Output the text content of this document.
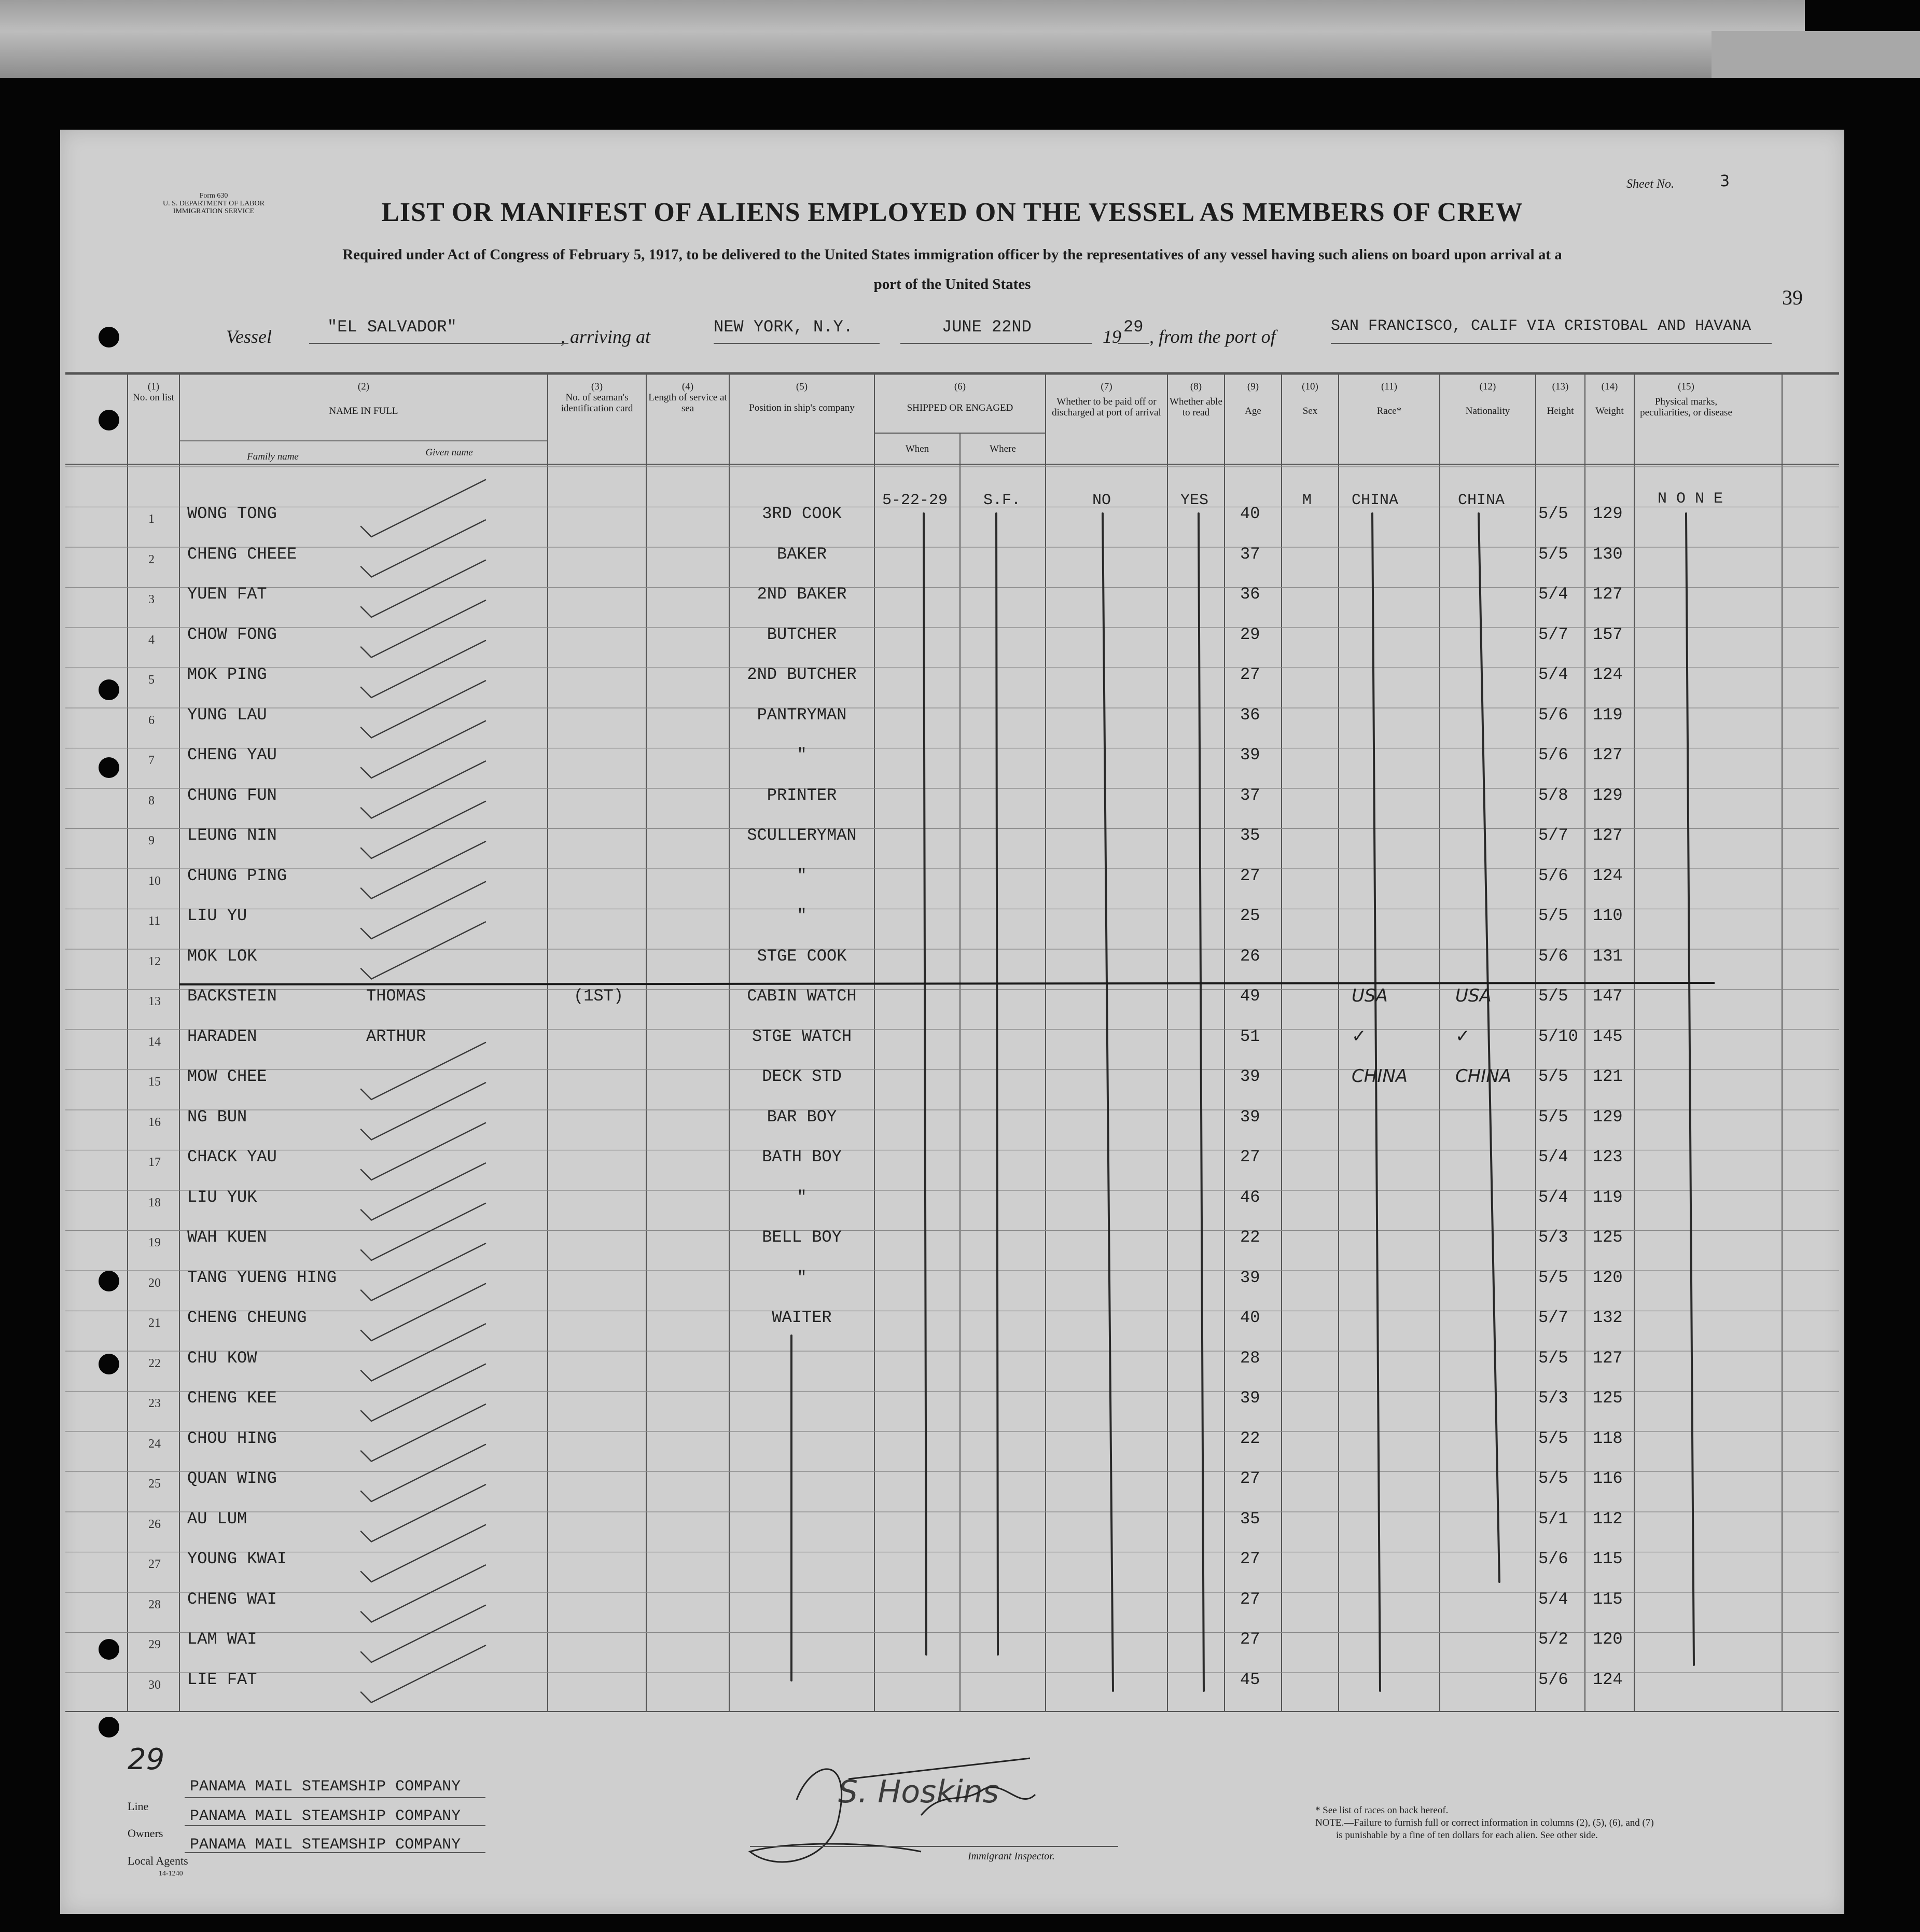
Form 630
U. S. DEPARTMENT OF LABOR
IMMIGRATION SERVICE
Sheet No.	3
39
LIST OR MANIFEST OF ALIENS EMPLOYED ON THE VESSEL AS MEMBERS OF CREW
Required under Act of Congress of February 5, 1917, to be delivered to the United States immigration officer by the representatives of any vessel having such aliens on board upon arrival at a
port of the United States
Vessel	"EL SALVADOR"	, arriving at	NEW YORK, N.Y.	JUNE 22ND	19 29 , from the port of	SAN FRANCISCO, CALIF VIA CRISTOBAL AND HAVANA
(1)
No. on list
(2)
NAME IN FULL
Family name	Given name
(3)
No. of seaman's identification card
(4)
Length of service at sea
(5)
Position in ship's company
(6)
SHIPPED OR ENGAGED
When	Where
(7)
Whether to be paid off or discharged at port of arrival
(8)
Whether able to read
(9)
Age
(10)
Sex
(11)
Race*
(12)
Nationality
(13)
Height
(14)
Weight
(15)
Physical marks, peculiarities, or disease
5-22-29 S.F.	NO	YES	M	CHINA	CHINA	N O N E
1 WONG TONG	3RD COOK	40	5/5 129
2 CHENG CHEEE	BAKER	37	5/5 130
3 YUEN FAT	2ND BAKER	36	5/4 127
4 CHOW FONG	BUTCHER	29	5/7 157
5 MOK PING	2ND BUTCHER	27	5/4 124
6 YUNG LAU	PANTRYMAN	36	5/6 119
7 CHENG YAU	"	39	5/6 127
8 CHUNG FUN	PRINTER	37	5/8 129
9 LEUNG NIN	SCULLERYMAN	35	5/7 127
10 CHUNG PING	"	27	5/6 124
11 LIU YU	"	25	5/5 110
12 MOK LOK	STGE COOK	26	5/6 131
13 BACKSTEIN	THOMAS	(1ST)	CABIN WATCH	49	USA	USA	5/5 147
14 HARADEN	ARTHUR	STGE WATCH	51	✓	✓	5/10 145
15 MOW CHEE	DECK STD	39	CHINA	CHINA 5/5 121
16 NG BUN	BAR BOY	39	5/5 129
17 CHACK YAU	BATH BOY	27	5/4 123
18 LIU YUK	"	46	5/4 119
19 WAH KUEN	BELL BOY	22	5/3 125
20 TANG YUENG HING	"	39	5/5 120
21 CHENG CHEUNG	WAITER	40	5/7 132
22 CHU KOW	28	5/5 127
23 CHENG KEE	39	5/3 125
24 CHOU HING	22	5/5 118
25 QUAN WING	27	5/5 116
26 AU LUM	35	5/1 112
27 YOUNG KWAI	27	5/6 115
28 CHENG WAI	27	5/4 115
29 LAM WAI	27	5/2 120
30 LIE FAT	45	5/6 124
29
Line
PANAMA MAIL STEAMSHIP COMPANY
Owners
PANAMA MAIL STEAMSHIP COMPANY
Local Agents
PANAMA MAIL STEAMSHIP COMPANY
14-1240
Immigrant Inspector.
S. Hoskins
* See list of races on back hereof.
NOTE.—Failure to furnish full or correct information in columns (2), (5), (6), and (7)
is punishable by a fine of ten dollars for each alien. See other side.
